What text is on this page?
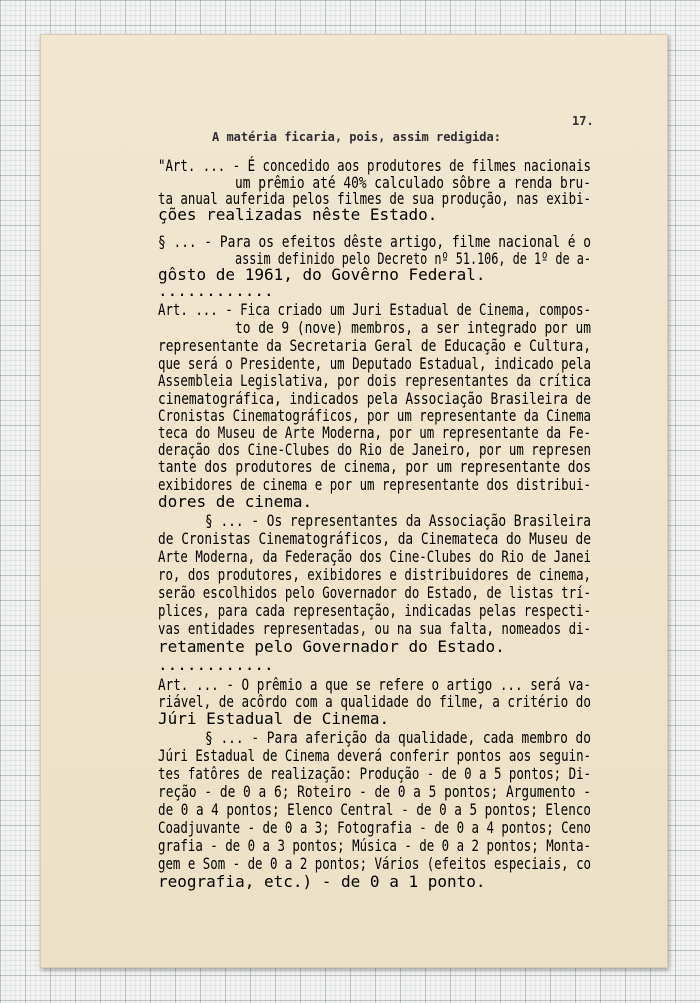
17.
A matéria ficaria, pois, assim redigida:
"Art. ... - É concedido aos produtores de filmes nacionais
um prêmio até 40% calculado sôbre a renda bru-
ta anual auferida pelos filmes de sua produção, nas exibi-
ções realizadas nêste Estado.
§ ... - Para os efeitos dêste artigo, filme nacional é o
assim definido pelo Decreto nº 51.106, de 1º de a-
gôsto de 1961, do Govêrno Federal.
............
Art. ... - Fica criado um Juri Estadual de Cinema, compos-
to de 9 (nove) membros, a ser integrado por um
representante da Secretaria Geral de Educação e Cultura,
que será o Presidente, um Deputado Estadual, indicado pela
Assembleia Legislativa, por dois representantes da crítica
cinematográfica, indicados pela Associação Brasileira de
Cronistas Cinematográficos, por um representante da Cinema
teca do Museu de Arte Moderna, por um representante da Fe-
deração dos Cine-Clubes do Rio de Janeiro, por um represen
tante dos produtores de cinema, por um representante dos
exibidores de cinema e por um representante dos distribui-
dores de cinema.
§ ... - Os representantes da Associação Brasileira
de Cronistas Cinematográficos, da Cinemateca do Museu de
Arte Moderna, da Federação dos Cine-Clubes do Rio de Janei
ro, dos produtores, exibidores e distribuidores de cinema,
serão escolhidos pelo Governador do Estado, de listas trí-
plices, para cada representação, indicadas pelas respecti-
vas entidades representadas, ou na sua falta, nomeados di-
retamente pelo Governador do Estado.
............
Art. ... - O prêmio a que se refere o artigo ... será va-
riável, de acôrdo com a qualidade do filme, a critério do
Júri Estadual de Cinema.
§ ... - Para aferição da qualidade, cada membro do
Júri Estadual de Cinema deverá conferir pontos aos seguin-
tes fatôres de realização: Produção - de 0 a 5 pontos; Di-
reção - de 0 a 6; Roteiro - de 0 a 5 pontos; Argumento -
de 0 a 4 pontos; Elenco Central - de 0 a 5 pontos; Elenco
Coadjuvante - de 0 a 3; Fotografia - de 0 a 4 pontos; Ceno
grafia - de 0 a 3 pontos; Música - de 0 a 2 pontos; Monta-
gem e Som - de 0 a 2 pontos; Vários (efeitos especiais, co
reografia, etc.) - de 0 a 1 ponto.
